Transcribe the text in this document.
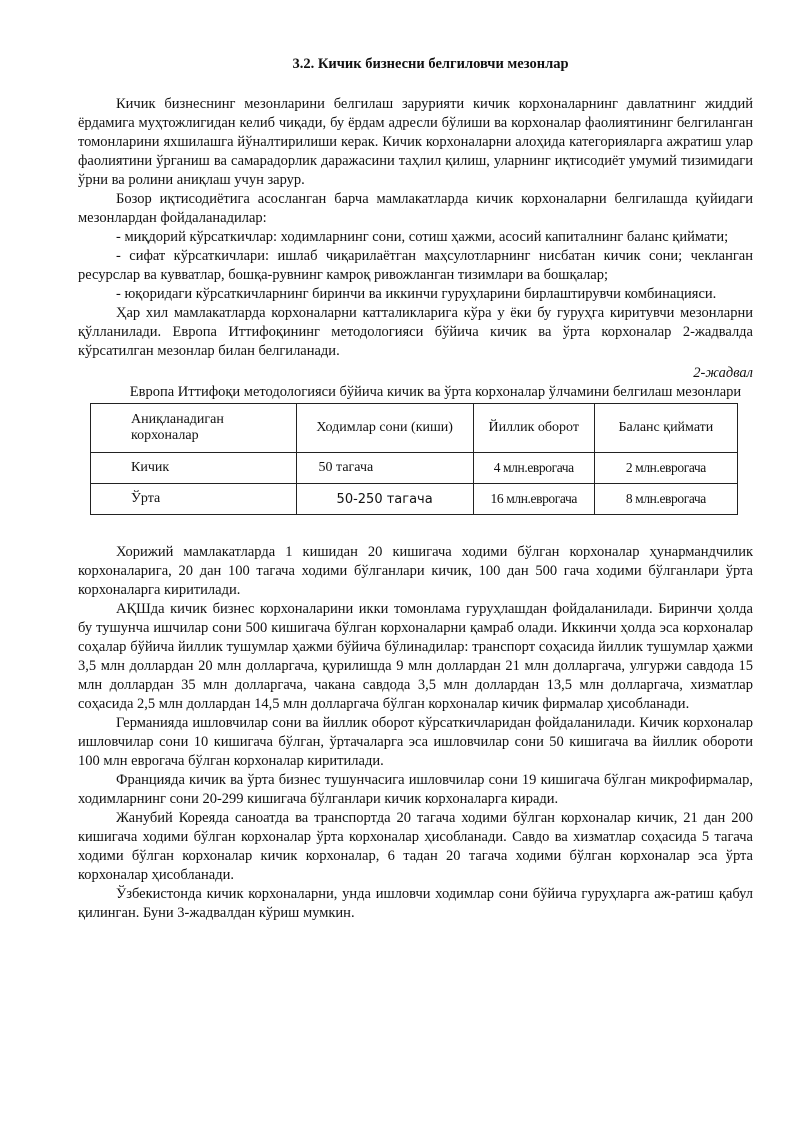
3.2. Кичик бизнесни белгиловчи мезонлар

Кичик бизнеснинг мезонларини белгилаш зарурияти кичик корхоналарнинг давлатнинг жиддий ёрдамига муҳтожлигидан келиб чиқади, бу ёрдам адресли бўлиши ва корхоналар фаолиятининг белгиланган томонларини яхшилашга йўналтирилиши керак. Кичик корхоналарни алоҳида категорияларга ажратиш улар фаолиятини ўрганиш ва самарадорлик даражасини таҳлил қилиш, уларнинг иқтисодиёт умумий тизимидаги ўрни ва ролини аниқлаш учун зарур.

Бозор иқтисодиётига асосланган барча мамлакатларда кичик корхоналарни белгилашда қуйидаги мезонлардан фойдаланадилар:

- миқдорий кўрсаткичлар: ходимларнинг сони, сотиш ҳажми, асосий капиталнинг баланс қиймати;

- сифат кўрсаткичлари: ишлаб чиқарилаётган маҳсулотларнинг нисбатан кичик сони; чекланган ресурслар ва кувватлар, бошқа-рувнинг камроқ ривожланган тизимлари ва бошқалар;

- юқоридаги кўрсаткичларнинг биринчи ва иккинчи гуруҳларини бирлаштирувчи комбинацияси.

Ҳар хил мамлакатларда корхоналарни катталикларига кўра у ёки бу гуруҳга киритувчи мезонларни қўлланилади. Европа Иттифоқининг методологияси бўйича кичик ва ўрта корхоналар 2-жадвалда кўрсатилган мезонлар билан белгиланади.

2-жадвал
Европа Иттифоқи методологияси бўйича кичик ва ўрта корхоналар ўлчамини белгилаш мезонлари
Аниқланадиган корхоналар	Ходимлар сони (киши)	Йиллик оборот	Баланс қиймати
Кичик	50 тагача	4 млн.еврогача	2 млн.еврогача
Ўрта	50-250 тагача	16 млн.еврогача	8 млн.еврогача

Хорижий мамлакатларда 1 кишидан 20 кишигача ходими бўлган корхоналар ҳунармандчилик корхоналарига, 20 дан 100 тагача ходими бўлганлари кичик, 100 дан 500 гача ходими бўлганлари ўрта корхоналарга киритилади.

АҚШда кичик бизнес корхоналарини икки томонлама гуруҳлашдан фойдаланилади. Биринчи ҳолда бу тушунча ишчилар сони 500 кишигача бўлган корхоналарни қамраб олади. Иккинчи ҳолда эса корхоналар соҳалар бўйича йиллик тушумлар ҳажми бўйича бўлинадилар: транспорт соҳасида йиллик тушумлар ҳажми 3,5 млн доллардан 20 млн долларгача, қурилишда 9 млн доллардан 21 млн долларгача, улгуржи савдода 15 млн доллардан 35 млн долларгача, чакана савдода 3,5 млн доллардан 13,5 млн долларгача, хизматлар соҳасида 2,5 млн доллардан 14,5 млн долларгача бўлган корхоналар кичик фирмалар ҳисобланади.

Германияда ишловчилар сони ва йиллик оборот кўрсаткичларидан фойдаланилади. Кичик корхоналар ишловчилар сони 10 кишигача бўлган, ўртачаларга эса ишловчилар сони 50 кишигача ва йиллик обороти 100 млн еврогача бўлган корхоналар киритилади.

Францияда кичик ва ўрта бизнес тушунчасига ишловчилар сони 19 кишигача бўлган микрофирмалар, ходимларнинг сони 20-299 кишигача бўлганлари кичик корхоналарга киради.

Жанубий Кореяда саноатда ва транспортда 20 тагача ходими бўлган корхоналар кичик, 21 дан 200 кишигача ходими бўлган корхоналар ўрта корхоналар ҳисобланади. Савдо ва хизматлар соҳасида 5 тагача ходими бўлган корхоналар кичик корхоналар, 6 тадан 20 тагача ходими бўлган корхоналар эса ўрта корхоналар ҳисобланади.

Ўзбекистонда кичик корхоналарни, унда ишловчи ходимлар сони бўйича гуруҳларга аж-ратиш қабул қилинган. Буни 3-жадвалдан кўриш мумкин.
